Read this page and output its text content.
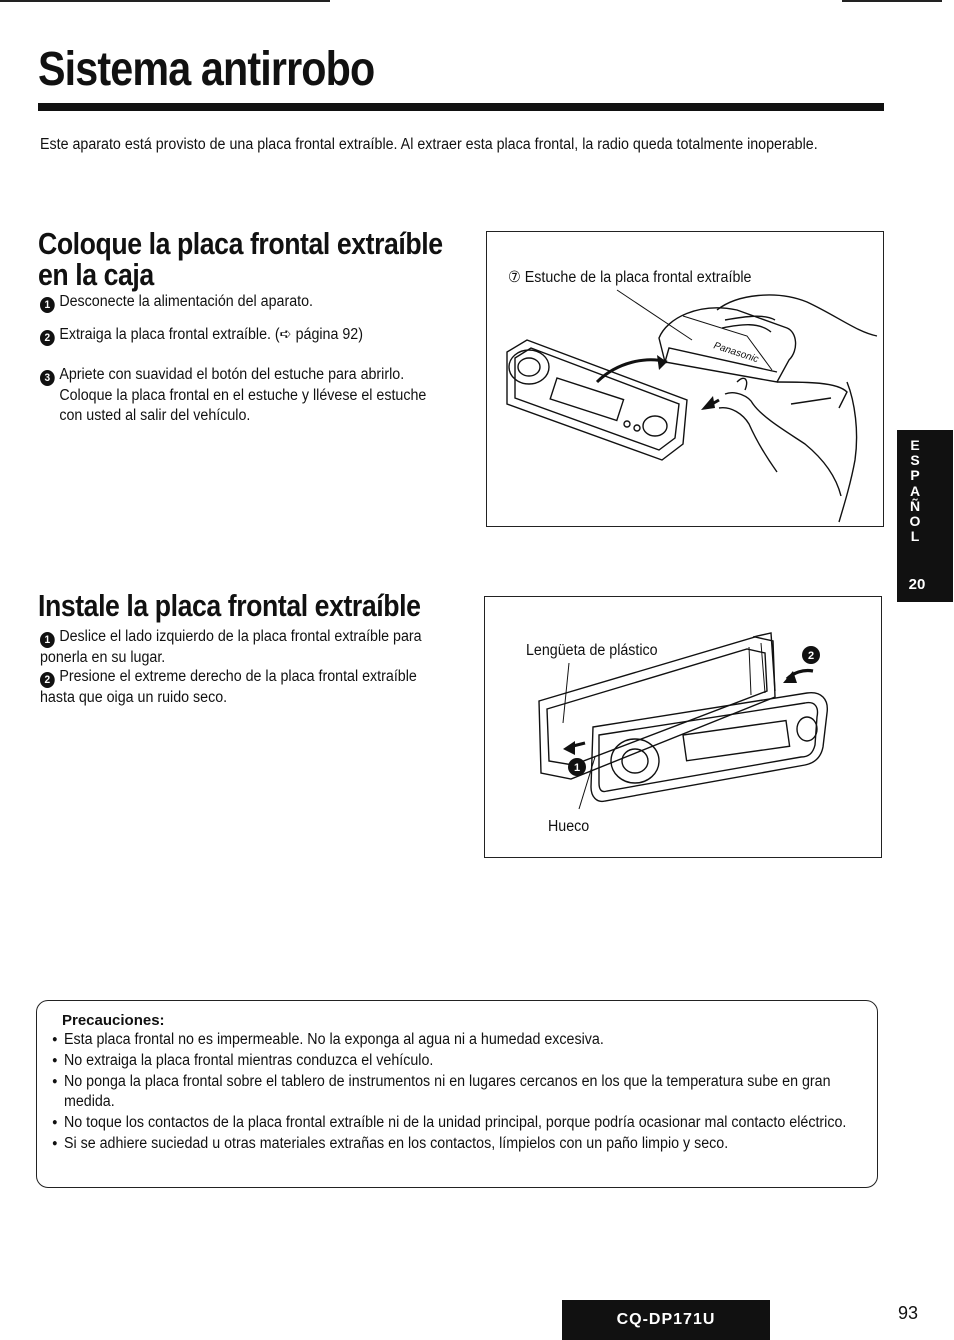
Sistema antirrobo
Este aparato está provisto de una placa frontal extraíble. Al extraer esta placa frontal, la radio queda totalmente inoperable.
Coloque la placa frontal extraíble
en la caja
1 Desconecte la alimentación del aparato.
2 Extraiga la placa frontal extraíble. (➪ página 92)
3 Apriete con suavidad el botón del estuche para abrirlo.
Coloque la placa frontal en el estuche y llévese el estuche con usted al salir del vehículo.
⑦ Estuche de la placa frontal extraíble
Panasonic
Instale la placa frontal extraíble
1 Deslice el lado izquierdo de la placa frontal extraíble para ponerla en su lugar.
2 Presione el extreme derecho de la placa frontal extraíble hasta que oiga un ruido seco.
Lengüeta de plástico
Hueco
1
2
E
S
P
A
Ñ
O
L
20
Precauciones:
● Esta placa frontal no es impermeable. No la exponga al agua ni a humedad excesiva.
● No extraiga la placa frontal mientras conduzca el vehículo.
● No ponga la placa frontal sobre el tablero de instrumentos ni en lugares cercanos en los que la temperatura sube en gran medida.
● No toque los contactos de la placa frontal extraíble ni de la unidad principal, porque podría ocasionar mal contacto eléctrico.
● Si se adhiere suciedad u otras materiales extrañas en los contactos, límpielos con un paño limpio y seco.
CQ-DP171U	93
